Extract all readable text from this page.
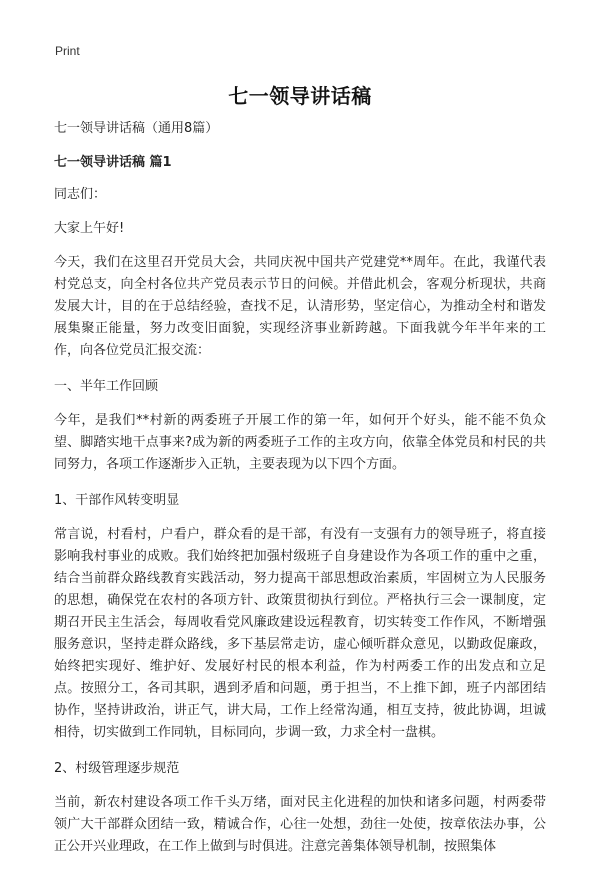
Print
七一领导讲话稿

七一领导讲话稿（通用8篇）

七一领导讲话稿 篇1

同志们：

大家上午好!

今天，我们在这里召开党员大会，共同庆祝中国共产党建党**周年。在此，我谨代表村党总支，向全村各位共产党员表示节日的问候。并借此机会，客观分析现状，共商发展大计，目的在于总结经验，查找不足，认清形势，坚定信心，为推动全村和谐发展集聚正能量，努力改变旧面貌，实现经济事业新跨越。下面我就今年半年来的工作，向各位党员汇报交流：

一、半年工作回顾

今年，是我们**村新的两委班子开展工作的第一年，如何开个好头，能不能不负众望、脚踏实地干点事来?成为新的两委班子工作的主攻方向，依靠全体党员和村民的共同努力，各项工作逐渐步入正轨，主要表现为以下四个方面。

1、干部作风转变明显

常言说，村看村，户看户，群众看的是干部，有没有一支强有力的领导班子，将直接影响我村事业的成败。我们始终把加强村级班子自身建设作为各项工作的重中之重，结合当前群众路线教育实践活动，努力提高干部思想政治素质，牢固树立为人民服务的思想，确保党在农村的各项方针、政策贯彻执行到位。严格执行三会一课制度，定期召开民主生活会，每周收看党风廉政建设远程教育，切实转变工作作风，不断增强服务意识，坚持走群众路线，多下基层常走访，虚心倾听群众意见，以勤政促廉政，始终把实现好、维护好、发展好村民的根本利益，作为村两委工作的出发点和立足点。按照分工，各司其职，遇到矛盾和问题，勇于担当，不上推下卸，班子内部团结协作，坚持讲政治，讲正气，讲大局，工作上经常沟通，相互支持，彼此协调，坦诚相待，切实做到工作同轨，目标同向，步调一致，力求全村一盘棋。

2、村级管理逐步规范

当前，新农村建设各项工作千头万绪，面对民主化进程的加快和诸多问题，村两委带领广大干部群众团结一致，精诚合作，心往一处想，劲往一处使，按章依法办事，公正公开兴业理政，在工作上做到与时俱进。注意完善集体领导机制，按照集体
